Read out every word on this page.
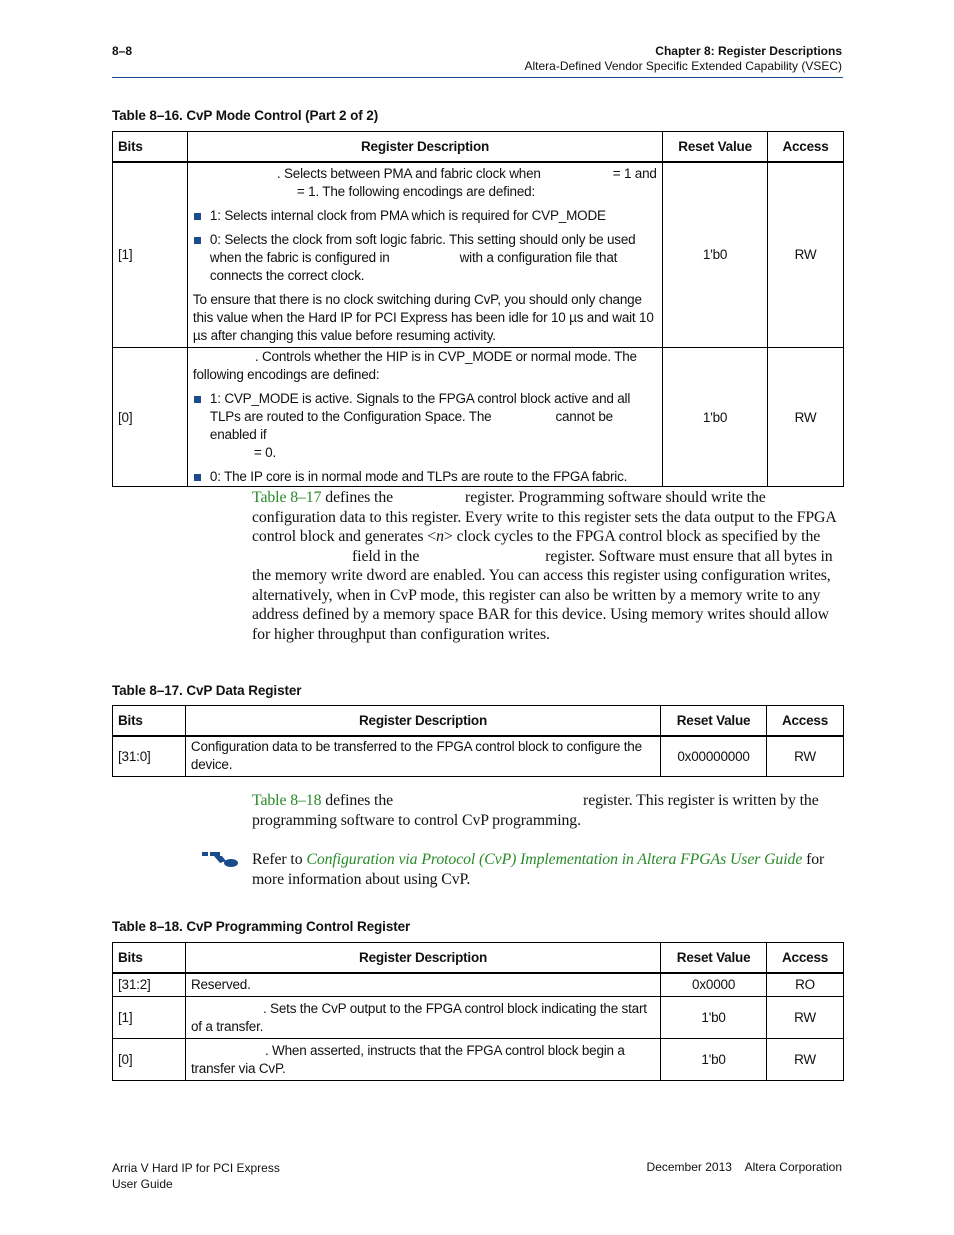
8–8	Chapter 8: Register Descriptions
Altera-Defined Vendor Specific Extended Capability (VSEC)
Table 8–16. CvP Mode Control (Part 2 of 2)
Bits	Register Description	Reset Value	Access
[1]	. Selects between PMA and fabric clock when = 1 and
= 1. The following encodings are defined:

1: Selects internal clock from PMA which is required for CVP_MODE

0: Selects the clock from soft logic fabric. This setting should only be used when the fabric is configured in with a configuration file that connects the correct clock.

To ensure that there is no clock switching during CvP, you should only change this value when the Hard IP for PCI Express has been idle for 10 µs and wait 10 µs after changing this value before resuming activity.	1'b0	RW
[0]	. Controls whether the HIP is in CVP_MODE or normal mode. The following encodings are defined:

1: CVP_MODE is active. Signals to the FPGA control block active and all TLPs are routed to the Configuration Space. The cannot be enabled if
= 0.

0: The IP core is in normal mode and TLPs are route to the FPGA fabric.	1'b0	RW

Table 8–17 defines the	register. Programming software should write the configuration data to this register. Every write to this register sets the data output to the FPGA control block and generates <n> clock cycles to the FPGA control block as specified by thefield in the	register. Software must ensure that all bytes in the memory write dword are enabled. You can access this register using configuration writes, alternatively, when in CvP mode, this register can also be written by a memory write to any address defined by a memory space BAR for this device. Using memory writes should allow for higher throughput than configuration writes.

Table 8–17. CvP Data Register
Bits	Register Description	Reset Value	Access
[31:0]	Configuration data to be transferred to the FPGA control block to configure the device.	0x00000000	RW

Table 8–18 defines the	register. This register is written by the programming software to control CvP programming.

Refer to Configuration via Protocol (CvP) Implementation in Altera FPGAs User Guide for more information about using CvP.

Table 8–18. CvP Programming Control Register
Bits	Register Description	Reset Value	Access
[31:2]	Reserved.	0x0000	RO
[1]	. Sets the CvP output to the FPGA control block indicating the start of a transfer.	1'b0	RW
[0]	. When asserted, instructs that the FPGA control block begin a transfer via CvP.	1'b0	RW
Arria V Hard IP for PCI Express
User Guide
December 2013    Altera Corporation
